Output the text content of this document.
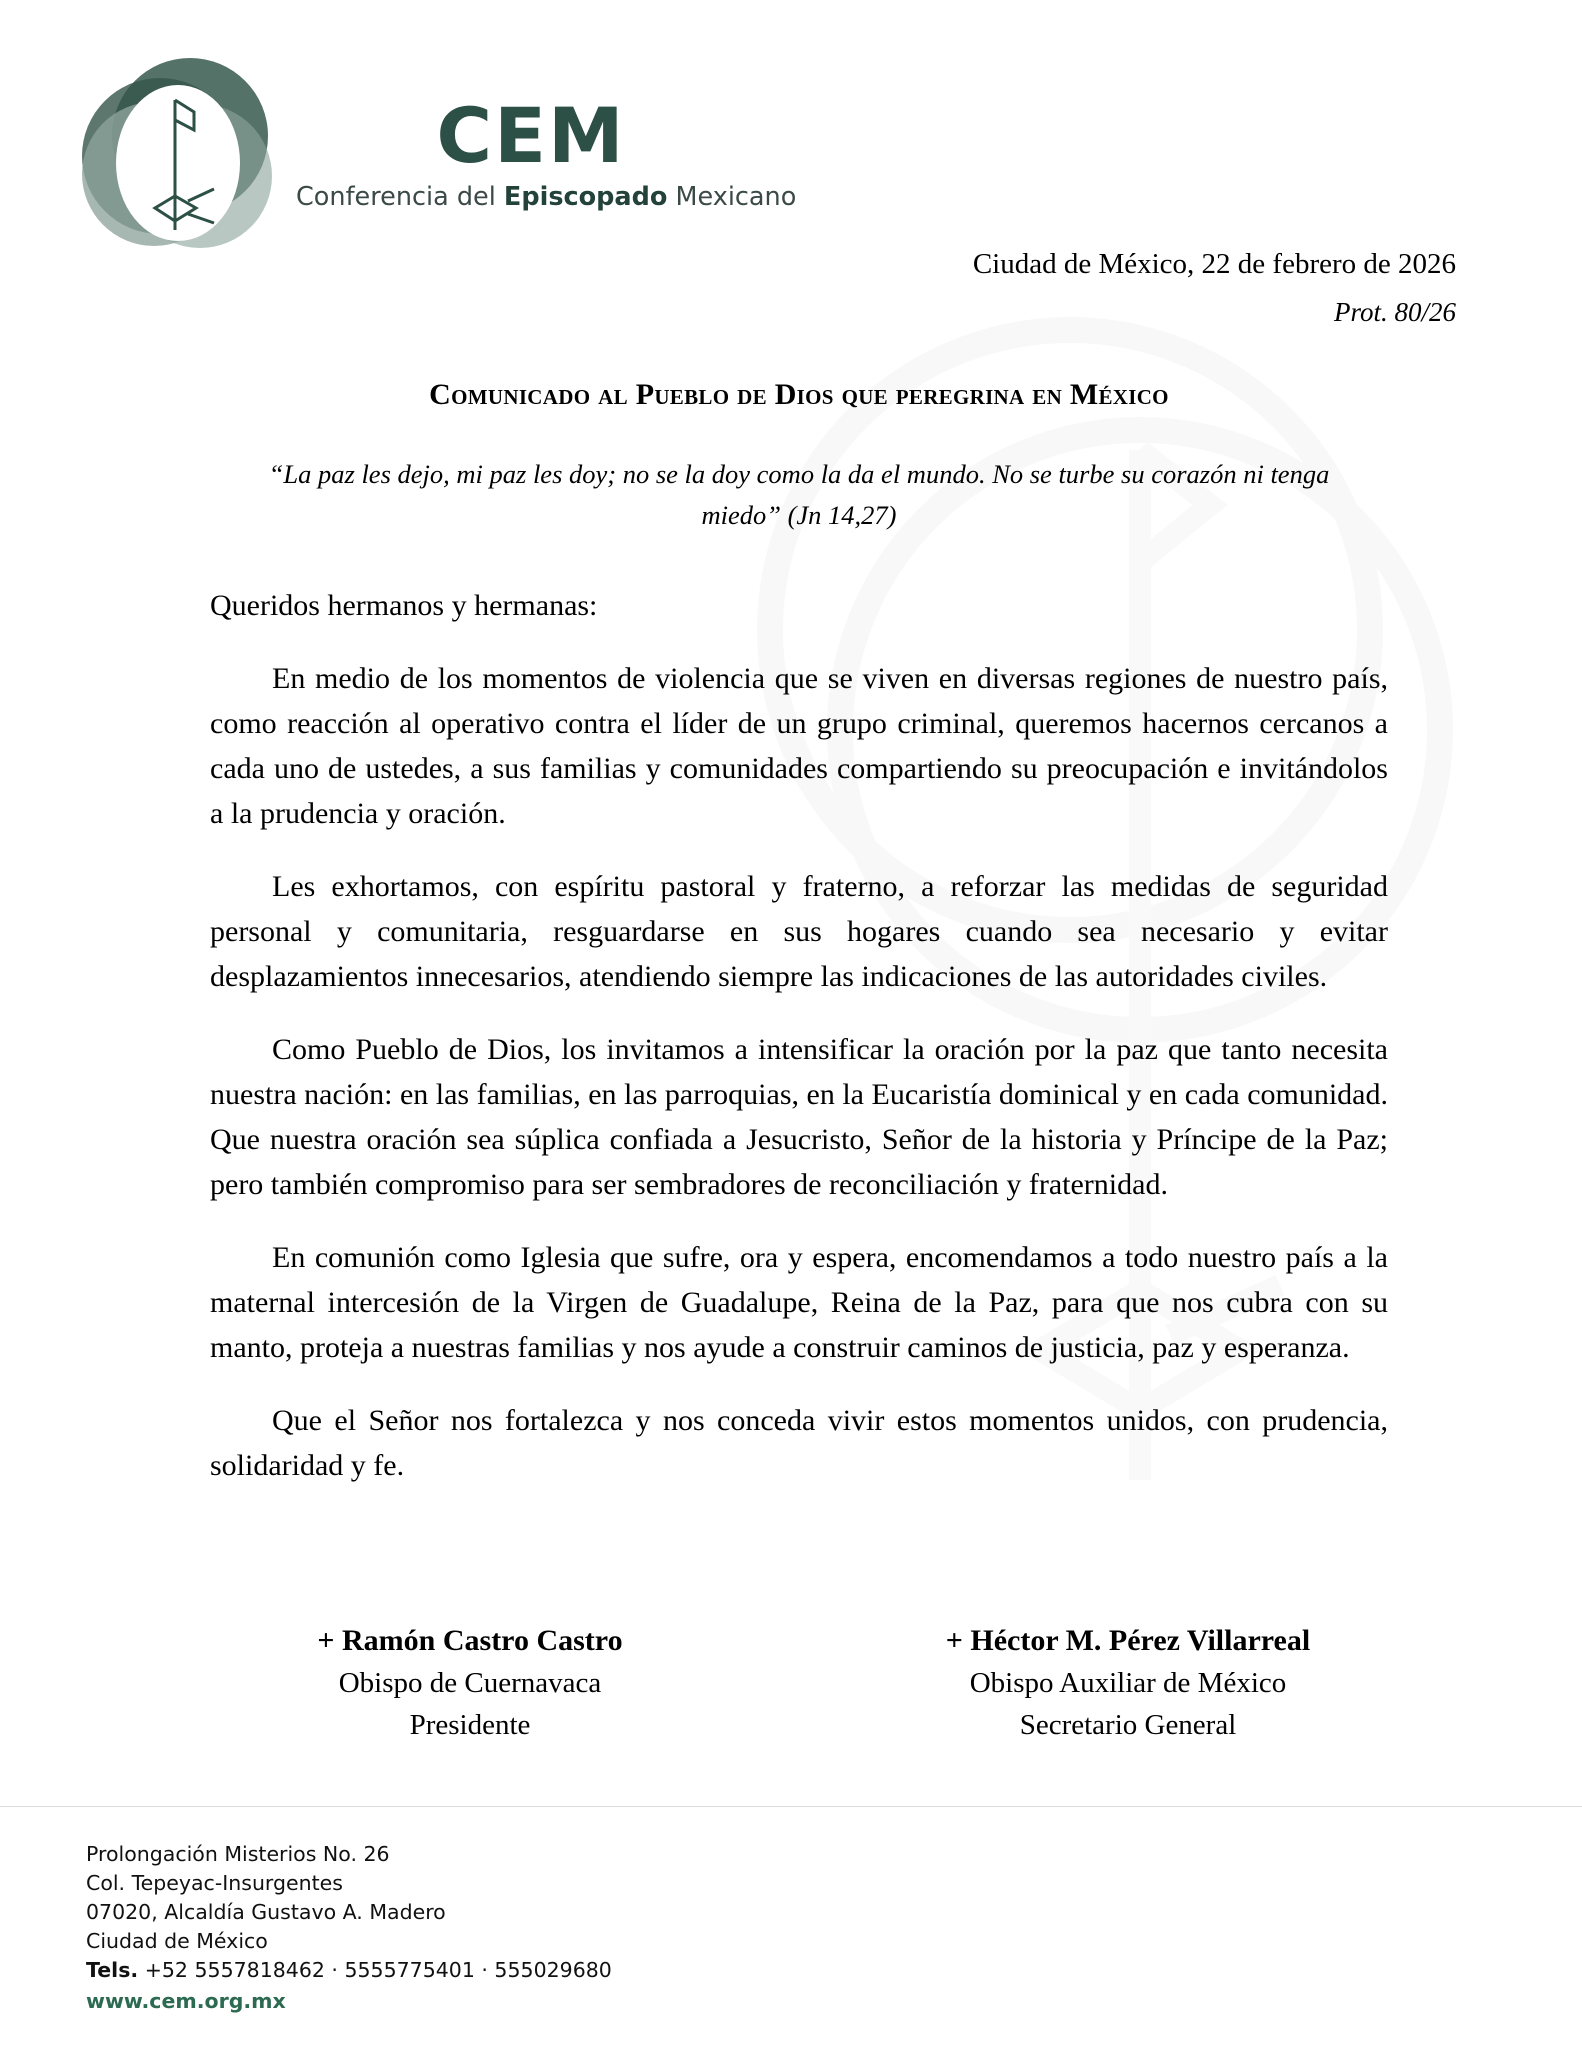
CEM
Conferencia del Episcopado Mexicano
Ciudad de México, 22 de febrero de 2026
Prot. 80/26
Comunicado al Pueblo de Dios que peregrina en México
“La paz les dejo, mi paz les doy; no se la doy como la da el mundo. No se turbe su corazón ni tenga miedo” (Jn 14,27)
Queridos hermanos y hermanas:

En medio de los momentos de violencia que se viven en diversas regiones de nuestro país, como reacción al operativo contra el líder de un grupo criminal, queremos hacernos cercanos a cada uno de ustedes, a sus familias y comunidades compartiendo su preocupación e invitándolos a la prudencia y oración.

Les exhortamos, con espíritu pastoral y fraterno, a reforzar las medidas de seguridad personal y comunitaria, resguardarse en sus hogares cuando sea necesario y evitar desplazamientos innecesarios, atendiendo siempre las indicaciones de las autoridades civiles.

Como Pueblo de Dios, los invitamos a intensificar la oración por la paz que tanto necesita nuestra nación: en las familias, en las parroquias, en la Eucaristía dominical y en cada comunidad. Que nuestra oración sea súplica confiada a Jesucristo, Señor de la historia y Príncipe de la Paz; pero también compromiso para ser sembradores de reconciliación y fraternidad.

En comunión como Iglesia que sufre, ora y espera, encomendamos a todo nuestro país a la maternal intercesión de la Virgen de Guadalupe, Reina de la Paz, para que nos cubra con su manto, proteja a nuestras familias y nos ayude a construir caminos de justicia, paz y esperanza.

Que el Señor nos fortalezca y nos conceda vivir estos momentos unidos, con prudencia, solidaridad y fe.

+ Ramón Castro Castro
Obispo de Cuernavaca
Presidente
+ Héctor M. Pérez Villarreal
Obispo Auxiliar de México
Secretario General
Prolongación Misterios No. 26
Col. Tepeyac-Insurgentes
07020, Alcaldía Gustavo A. Madero
Ciudad de México
Tels. +52 5557818462 · 5555775401 · 555029680
www.cem.org.mx
